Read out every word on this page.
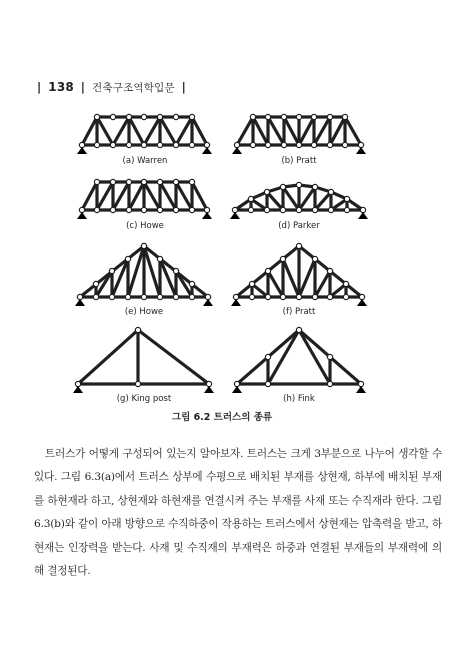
| 138 | 건축구조역학입문 |
(a) Warren	(b) Pratt
(c) Howe	(d) Parker
(e) Howe	(f) Pratt
(g) King post	(h) Fink
그림 6.2 트러스의 종류

트러스가 어떻게 구성되어 있는지 알아보자. 트러스는 크게 3부분으로 나누어 생각할 수 있다. 그림 6.3(a)에서 트러스 상부에 수평으로 배치된 부재를 상현재, 하부에 배치된 부재를 하현재라 하고, 상현재와 하현재를 연결시켜 주는 부재를 사재 또는 수직재라 한다. 그림 6.3(b)와 같이 아래 방향으로 수직하중이 작용하는 트러스에서 상현재는 압축력을 받고, 하현재는 인장력을 받는다. 사재 및 수직재의 부재력은 하중과 연결된 부재들의 부재력에 의해 결정된다.
